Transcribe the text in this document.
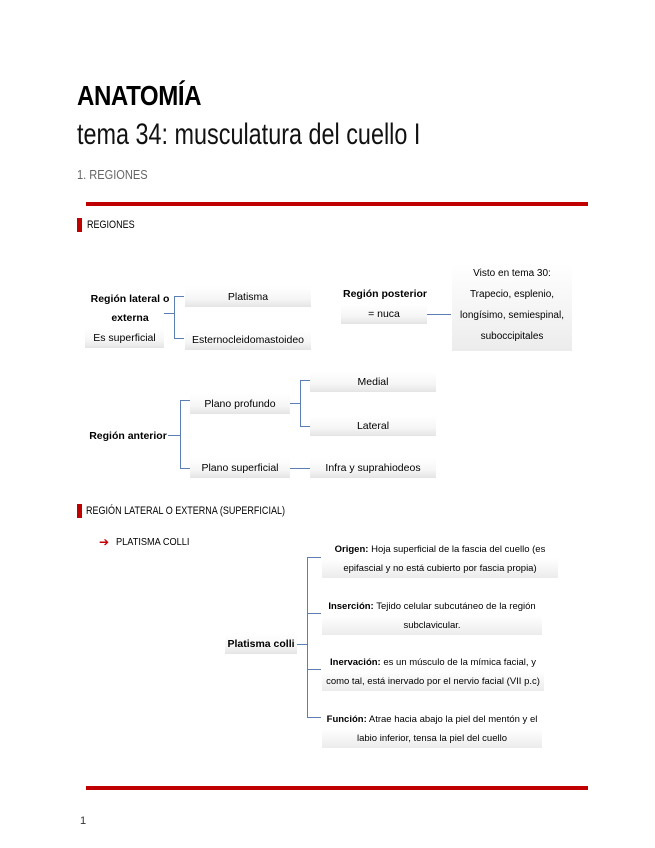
ANATOMÍA
tema 34: musculatura del cuello I
1. REGIONES
REGIONES
Región lateral o
externa
Es superficial
Platisma
Esternocleidomastoideo
Región posterior
= nuca
Visto en tema 30:
Trapecio, esplenio,
longísimo, semiespinal,
suboccipitales
Región anterior
Plano profundo
Plano superficial
Medial
Lateral
Infra y suprahiodeos
REGIÓN LATERAL O EXTERNA (SUPERFICIAL)
➔ PLATISMA COLLI
Platisma colli
Origen: Hoja superficial de la fascia del cuello (es
epifascial y no está cubierto por fascia propia)
Inserción: Tejido celular subcutáneo de la región
subclavicular.
Inervación: es un músculo de la mímica facial, y
como tal, está inervado por el nervio facial (VII p.c)
Función: Atrae hacia abajo la piel del mentón y el
labio inferior, tensa la piel del cuello
1
